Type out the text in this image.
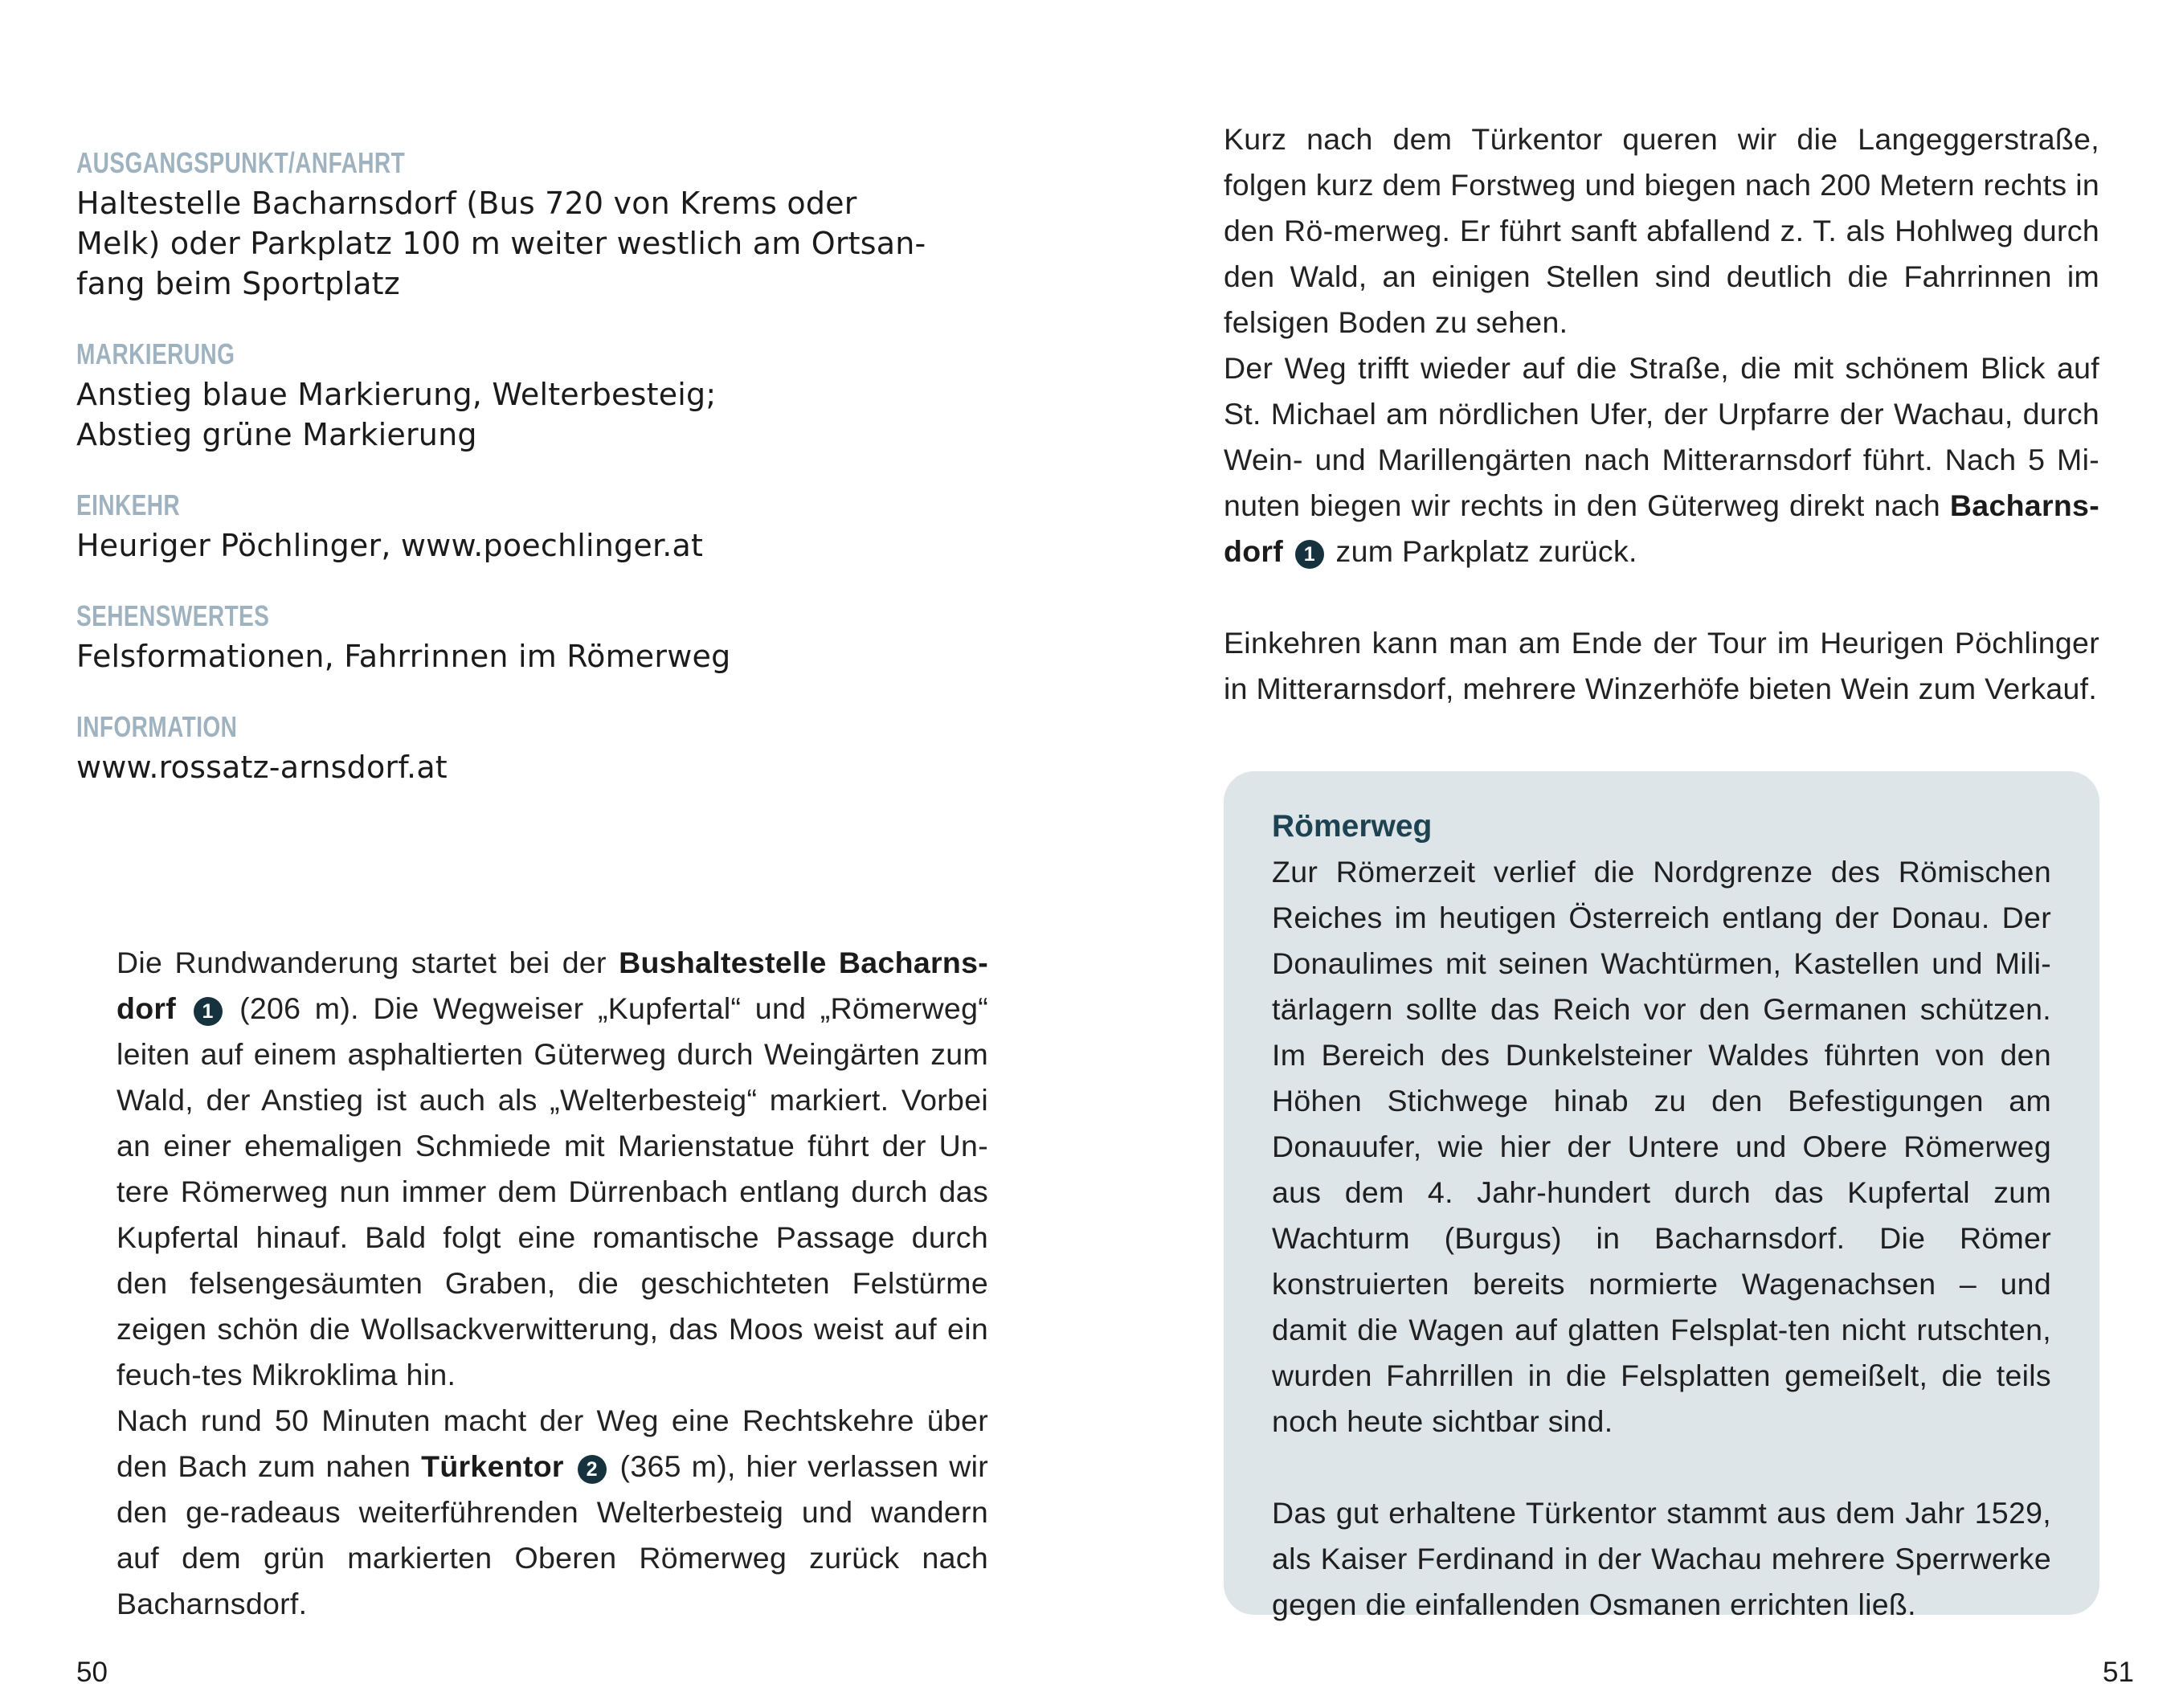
AUSGANGSPUNKT/ANFAHRT
Haltestelle Bacharnsdorf (Bus 720 von Krems oder
Melk) oder Parkplatz 100 m weiter westlich am Ortsan-
fang beim Sportplatz
MARKIERUNG
Anstieg blaue Markierung, Welterbesteig;
Abstieg grüne Markierung
EINKEHR
Heuriger Pöchlinger, www.poechlinger.at
SEHENSWERTES
Felsformationen, Fahrrinnen im Römerweg
INFORMATION
www.rossatz-arnsdorf.at

Die Rundwanderung startet bei der Bushaltestelle Bacharns-dorf 1 (206 m). Die Wegweiser „Kupfertal“ und „Römerweg“ leiten auf einem asphaltierten Güterweg durch Weingärten zum Wald, der Anstieg ist auch als „Welterbesteig“ markiert. Vorbei an einer ehemaligen Schmiede mit Marienstatue führt der Un-tere Römerweg nun immer dem Dürrenbach entlang durch das Kupfertal hinauf. Bald folgt eine romantische Passage durch den felsengesäumten Graben, die geschichteten Felstürme zeigen schön die Wollsackverwitterung, das Moos weist auf ein feuch-tes Mikroklima hin.

Nach rund 50 Minuten macht der Weg eine Rechtskehre über den Bach zum nahen Türkentor 2 (365 m), hier verlassen wir den ge-radeaus weiterführenden Welterbesteig und wandern auf dem grün markierten Oberen Römerweg zurück nach Bacharnsdorf.

50

Kurz nach dem Türkentor queren wir die Langeggerstraße, folgen kurz dem Forstweg und biegen nach 200 Metern rechts in den Rö-merweg. Er führt sanft abfallend z. T. als Hohlweg durch den Wald, an einigen Stellen sind deutlich die Fahrrinnen im felsigen Boden zu sehen.

Der Weg trifft wieder auf die Straße, die mit schönem Blick auf St. Michael am nördlichen Ufer, der Urpfarre der Wachau, durch Wein- und Marillengärten nach Mitterarnsdorf führt. Nach 5 Mi-nuten biegen wir rechts in den Güterweg direkt nach Bacharns-dorf 1 zum Parkplatz zurück.

Einkehren kann man am Ende der Tour im Heurigen Pöchlinger in Mitterarnsdorf, mehrere Winzerhöfe bieten Wein zum Verkauf.

Römerweg

Zur Römerzeit verlief die Nordgrenze des Römischen Reiches im heutigen Österreich entlang der Donau. Der Donaulimes mit seinen Wachtürmen, Kastellen und Mili-tärlagern sollte das Reich vor den Germanen schützen. Im Bereich des Dunkelsteiner Waldes führten von den Höhen Stichwege hinab zu den Befestigungen am Donauufer, wie hier der Untere und Obere Römerweg aus dem 4. Jahr-hundert durch das Kupfertal zum Wachturm (Burgus) in Bacharnsdorf. Die Römer konstruierten bereits normierte Wagenachsen – und damit die Wagen auf glatten Felsplat-ten nicht rutschten, wurden Fahrrillen in die Felsplatten gemeißelt, die teils noch heute sichtbar sind.

Das gut erhaltene Türkentor stammt aus dem Jahr 1529, als Kaiser Ferdinand in der Wachau mehrere Sperrwerke gegen die einfallenden Osmanen errichten ließ.

51
